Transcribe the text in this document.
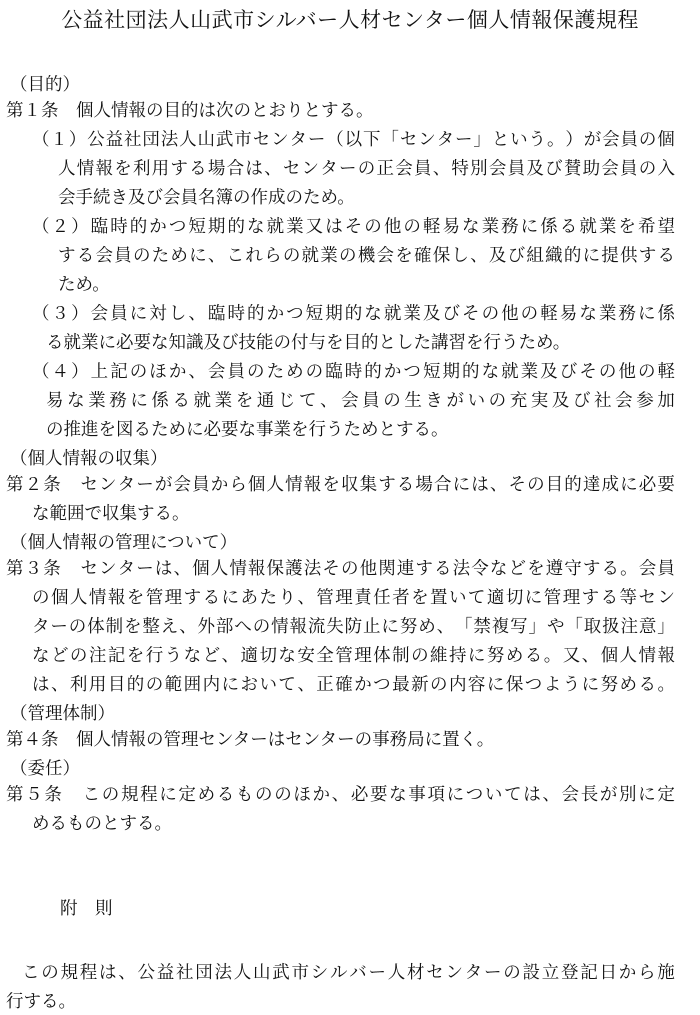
公益社団法人山武市シルバー人材センター個人情報保護規程
（目的）
第１条　個人情報の目的は次のとおりとする。
（ １ ） 公 益 社 団 法 人 山 武 市 セ ン タ ー （ 以 下 「 セ ン タ ー 」 と い う 。 ） が 会 員 の 個
人 情 報 を 利 用 す る 場 合 は 、 セ ン タ ー の 正 会 員 、 特 別 会 員 及 び 賛 助 会 員 の 入
会手続き及び会員名簿の作成のため。
（ ２ ） 臨 時 的 か つ 短 期 的 な 就 業 又 は そ の 他 の 軽 易 な 業 務 に 係 る 就 業 を 希 望
す る 会 員 の た め に 、 こ れ ら の 就 業 の 機 会 を 確 保 し 、 及 び 組 織 的 に 提 供 す る
ため。
（ ３ ） 会 員 に 対 し 、 臨 時 的 か つ 短 期 的 な 就 業 及 び そ の 他 の 軽 易 な 業 務 に 係
る就業に必要な知識及び技能の付与を目的とした講習を行うため。
（ ４ ） 上 記 の ほ か 、 会 員 の た め の 臨 時 的 か つ 短 期 的 な 就 業 及 び そ の 他 の 軽
易 な 業 務 に 係 る 就 業 を 通 じ て 、 会 員 の 生 き が い の 充 実 及 び 社 会 参 加
の推進を図るために必要な事業を行うためとする。
（個人情報の収集）
第 ２ 条
　 セ ン タ ー が 会 員 か ら 個 人 情 報 を 収 集 す る 場 合 に は 、 そ の 目 的 達 成 に 必 要
な範囲で収集する。
（個人情報の管理について）
第 ３ 条
　 セ ン タ ー は 、 個 人 情 報 保 護 法 そ の 他 関 連 す る 法 令 な ど を 遵 守 す る 。 会 員
の 個 人 情 報 を 管 理 す る に あ た り 、 管 理 責 任 者 を 置 い て 適 切 に 管 理 す る 等 セ ン
タ ー の 体 制 を 整 え 、 外 部 へ の 情 報 流 失 防 止 に 努 め 、 「 禁 複 写 」 や 「 取 扱 注 意 」
な ど の 注 記 を 行 う な ど 、 適 切 な 安 全 管 理 体 制 の 維 持 に 努 め る 。 又 、 個 人 情 報
は 、 利 用 目 的 の 範 囲 内 に お い て 、 正 確 か つ 最 新 の 内 容 に 保 つ よ う に 努 め る 。
（管理体制）
第４条　個人情報の管理センターはセンターの事務局に置く。
（委任）
第 ５ 条
　 こ の 規 程 に 定 め る も の の ほ か 、 必 要 な 事 項 に つ い て は 、 会 長 が 別 に 定
めるものとする。
附　則
こ の 規 程 は 、 公 益 社 団 法 人 山 武 市 シ ル バ ー 人 材 セ ン タ ー の 設 立 登 記 日 か ら 施
行する。
